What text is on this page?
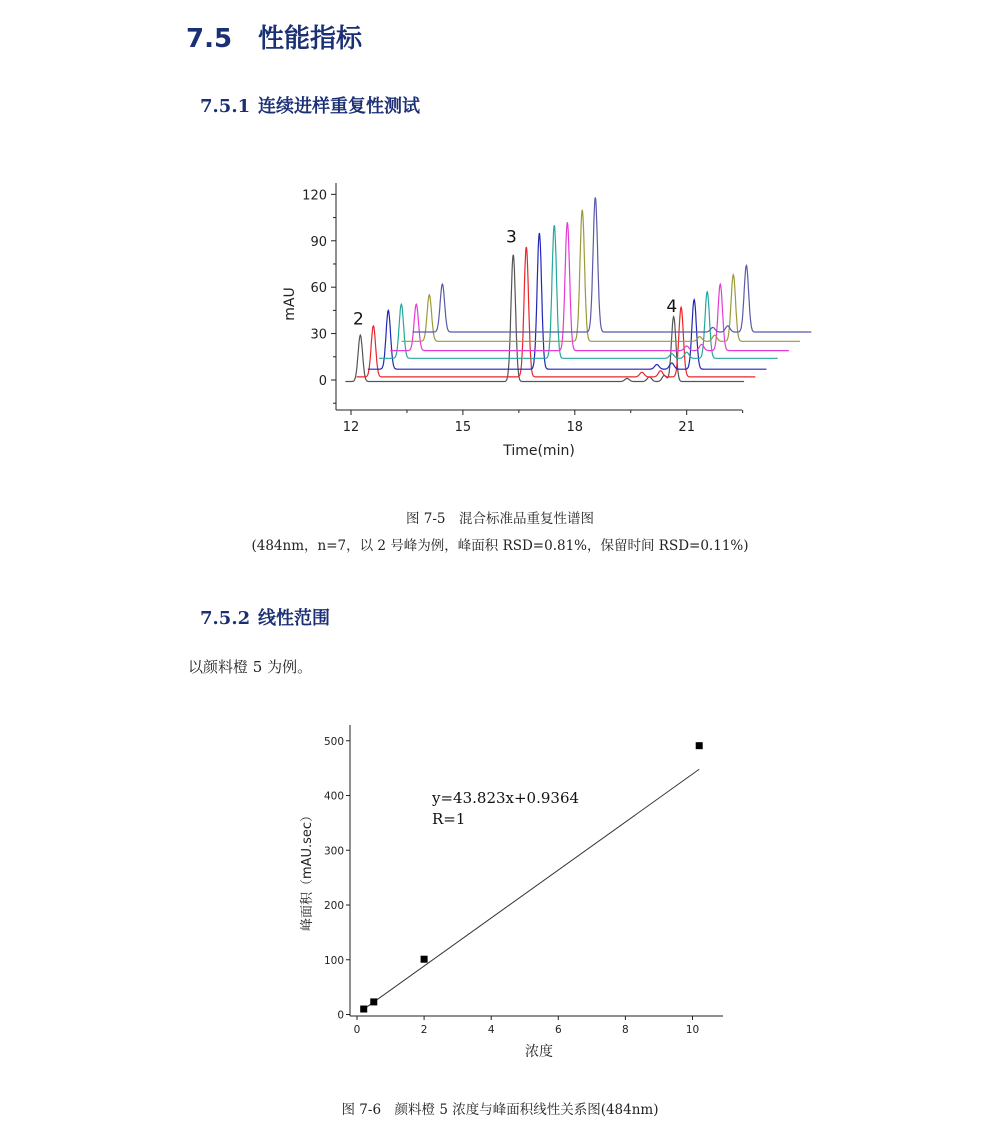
7.5 性能指标
7.5.1 连续进样重复性测试
0
30
60
90
120
12	15	18	21
Time(min)
mAU	2
3
4
图 7-5　混合标准品重复性谱图
(484nm，n=7，以 2 号峰为例，峰面积 RSD=0.81%，保留时间 RSD=0.11%)
7.5.2 线性范围
以颜料橙 5 为例。
0
100
200
300
400
500
0	2	4	6	8	10
浓度
峰面积（mAU.sec）
y=43.823x+0.9364
R=1
图 7-6　颜料橙 5 浓度与峰面积线性关系图(484nm)
